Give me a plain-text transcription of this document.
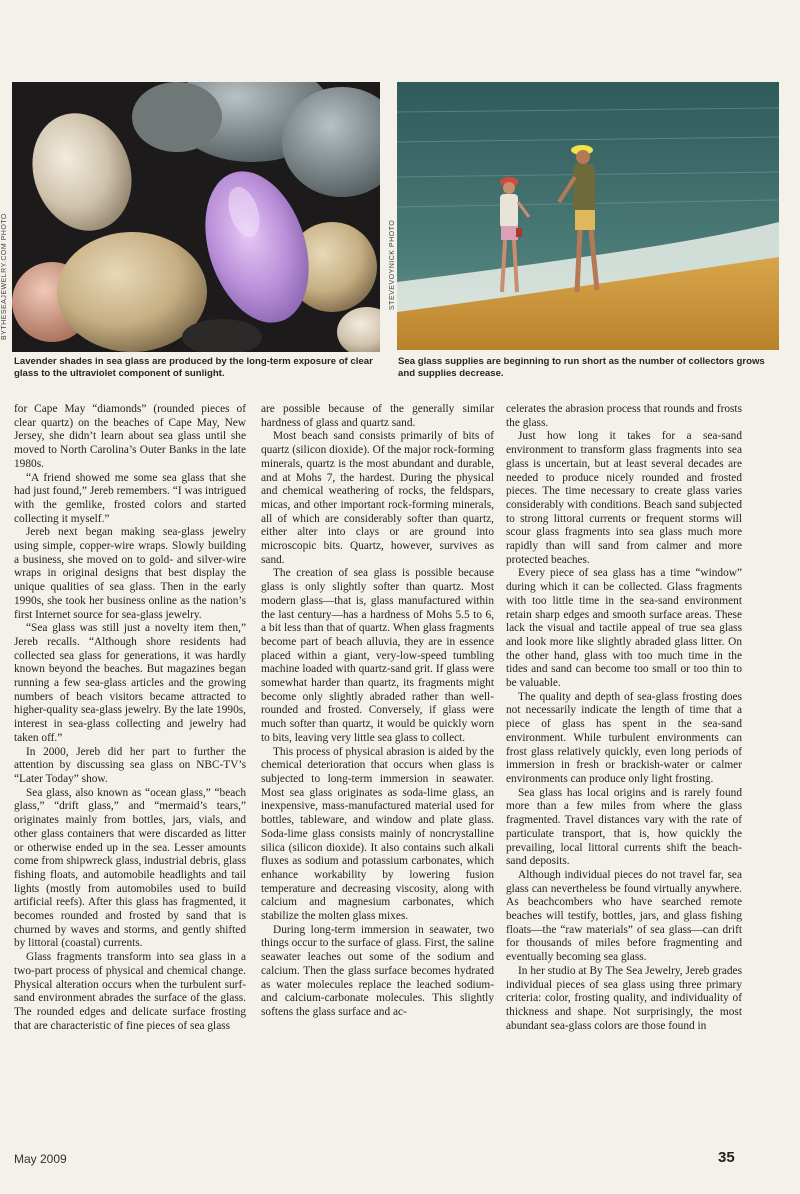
BYTHESEAJEWELRY.COM PHOTO
Lavender shades in sea glass are produced by the long-term exposure of clear glass to the ultraviolet component of sunlight.
STEVEVOYNICK PHOTO
Sea glass supplies are beginning to run short as the number of collectors grows and supplies decrease.

for Cape May “diamonds” (rounded pieces of clear quartz) on the beaches of Cape May, New Jersey, she didn’t learn about sea glass until she moved to North Carolina’s Outer Banks in the late 1980s.

“A friend showed me some sea glass that she had just found,” Jereb remembers. “I was intrigued with the gemlike, frosted colors and started collecting it myself.”

Jereb next began making sea-glass jewelry using simple, copper-wire wraps. Slowly building a business, she moved on to gold- and silver-wire wraps in original designs that best display the unique qualities of sea glass. Then in the early 1990s, she took her business online as the nation’s first Internet source for sea-glass jewelry.

“Sea glass was still just a novelty item then,” Jereb recalls. “Although shore residents had collected sea glass for generations, it was hardly known beyond the beaches. But magazines began running a few sea-glass articles and the growing numbers of beach visitors became attracted to higher-quality sea-glass jewelry. By the late 1990s, interest in sea-glass collecting and jewelry had taken off.”

In 2000, Jereb did her part to further the attention by discussing sea glass on NBC-TV’s “Later Today” show.

Sea glass, also known as “ocean glass,” “beach glass,” “drift glass,” and “mermaid’s tears,” originates mainly from bottles, jars, vials, and other glass containers that were discarded as litter or otherwise ended up in the sea. Lesser amounts come from shipwreck glass, industrial debris, glass fishing floats, and automobile headlights and tail lights (mostly from automobiles used to build artificial reefs). After this glass has fragmented, it becomes rounded and frosted by sand that is churned by waves and storms, and gently shifted by littoral (coastal) currents.

Glass fragments transform into sea glass in a two-part process of physical and chemical change. Physical alteration occurs when the turbulent surf-sand environment abrades the surface of the glass. The rounded edges and delicate surface frosting that are characteristic of fine pieces of sea glass

are possible because of the generally similar hardness of glass and quartz sand.

Most beach sand consists primarily of bits of quartz (silicon dioxide). Of the major rock-forming minerals, quartz is the most abundant and durable, and at Mohs 7, the hardest. During the physical and chemical weathering of rocks, the feldspars, micas, and other important rock-forming minerals, all of which are considerably softer than quartz, either alter into clays or are ground into microscopic bits. Quartz, however, survives as sand.

The creation of sea glass is possible because glass is only slightly softer than quartz. Most modern glass—that is, glass manufactured within the last century—has a hardness of Mohs 5.5 to 6, a bit less than that of quartz. When glass fragments become part of beach alluvia, they are in essence placed within a giant, very-low-speed tumbling machine loaded with quartz-sand grit. If glass were somewhat harder than quartz, its fragments might become only slightly abraded rather than well-rounded and frosted. Conversely, if glass were much softer than quartz, it would be quickly worn to bits, leaving very little sea glass to collect.

This process of physical abrasion is aided by the chemical deterioration that occurs when glass is subjected to long-term immersion in seawater. Most sea glass originates as soda-lime glass, an inexpensive, mass-manufactured material used for bottles, tableware, and window and plate glass. Soda-lime glass consists mainly of noncrystalline silica (silicon dioxide). It also contains such alkali fluxes as sodium and potassium carbonates, which enhance workability by lowering fusion temperature and decreasing viscosity, along with calcium and magnesium carbonates, which stabilize the molten glass mixes.

During long-term immersion in seawater, two things occur to the surface of glass. First, the saline seawater leaches out some of the sodium and calcium. Then the glass surface becomes hydrated as water molecules replace the leached sodium- and calcium-carbonate molecules. This slightly softens the glass surface and ac-

celerates the abrasion process that rounds and frosts the glass.

Just how long it takes for a sea-sand environment to transform glass fragments into sea glass is uncertain, but at least several decades are needed to produce nicely rounded and frosted pieces. The time necessary to create glass varies considerably with conditions. Beach sand subjected to strong littoral currents or frequent storms will scour glass fragments into sea glass much more rapidly than will sand from calmer and more protected beaches.

Every piece of sea glass has a time “window” during which it can be collected. Glass fragments with too little time in the sea-sand environment retain sharp edges and smooth surface areas. These lack the visual and tactile appeal of true sea glass and look more like slightly abraded glass litter. On the other hand, glass with too much time in the tides and sand can become too small or too thin to be valuable.

The quality and depth of sea-glass frosting does not necessarily indicate the length of time that a piece of glass has spent in the sea-sand environment. While turbulent environments can frost glass relatively quickly, even long periods of immersion in fresh or brackish-water or calmer environments can produce only light frosting.

Sea glass has local origins and is rarely found more than a few miles from where the glass fragmented. Travel distances vary with the rate of particulate transport, that is, how quickly the prevailing, local littoral currents shift the beach-sand deposits.

Although individual pieces do not travel far, sea glass can nevertheless be found virtually anywhere. As beachcombers who have searched remote beaches will testify, bottles, jars, and glass fishing floats—the “raw materials” of sea glass—can drift for thousands of miles before fragmenting and eventually becoming sea glass.

In her studio at By The Sea Jewelry, Jereb grades individual pieces of sea glass using three primary criteria: color, frosting quality, and individuality of thickness and shape. Not surprisingly, the most abundant sea-glass colors are those found in

May 2009	35
